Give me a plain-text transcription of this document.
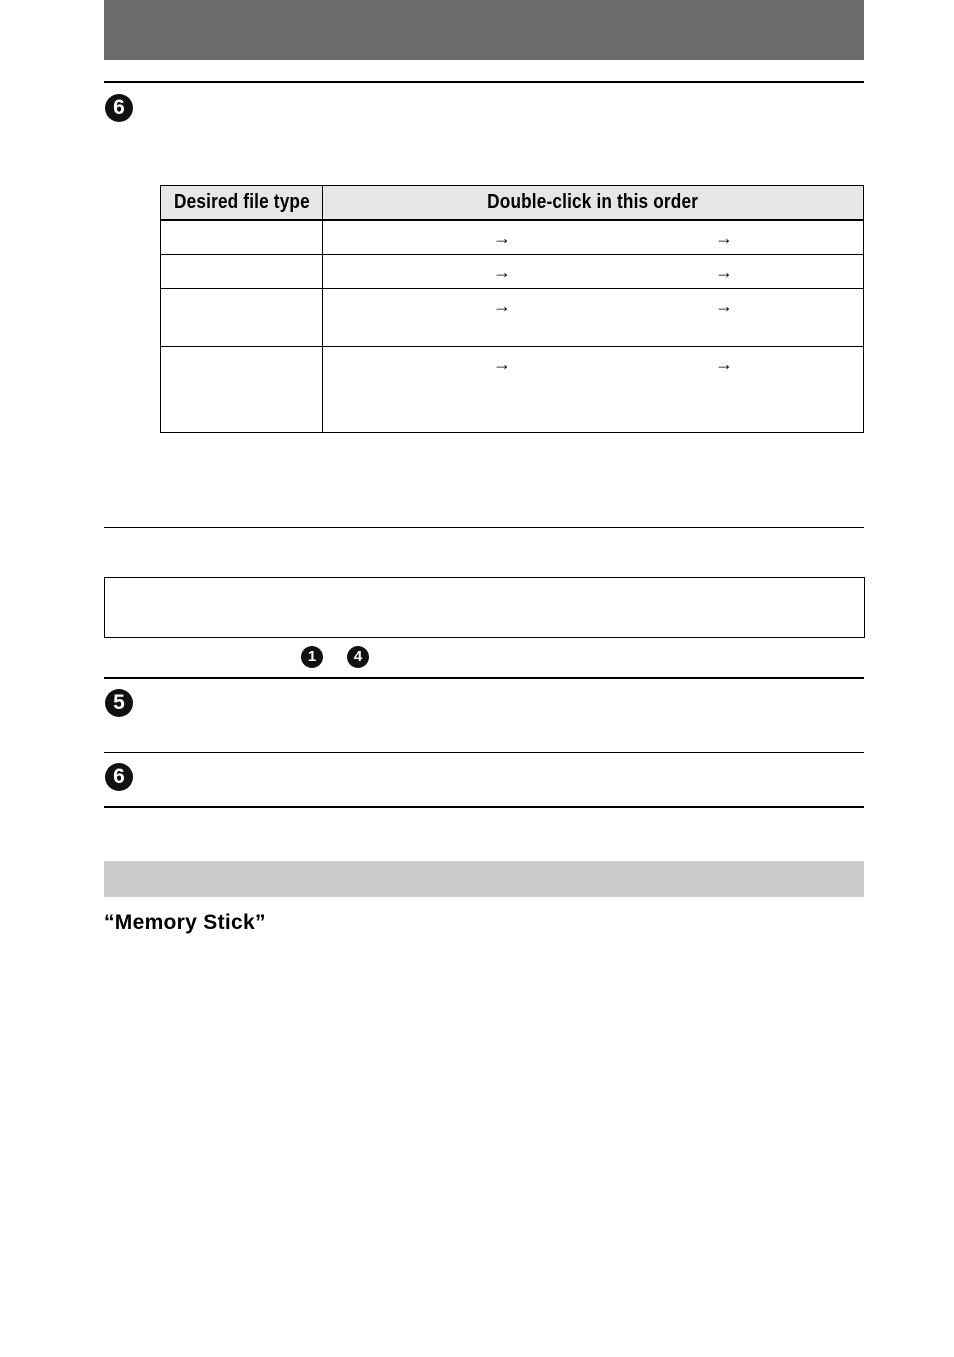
6
Desired file type	Double-click in this order

	→ →

	→ →

	→ →

	→ →
1	4
5
6
“Memory Stick”
